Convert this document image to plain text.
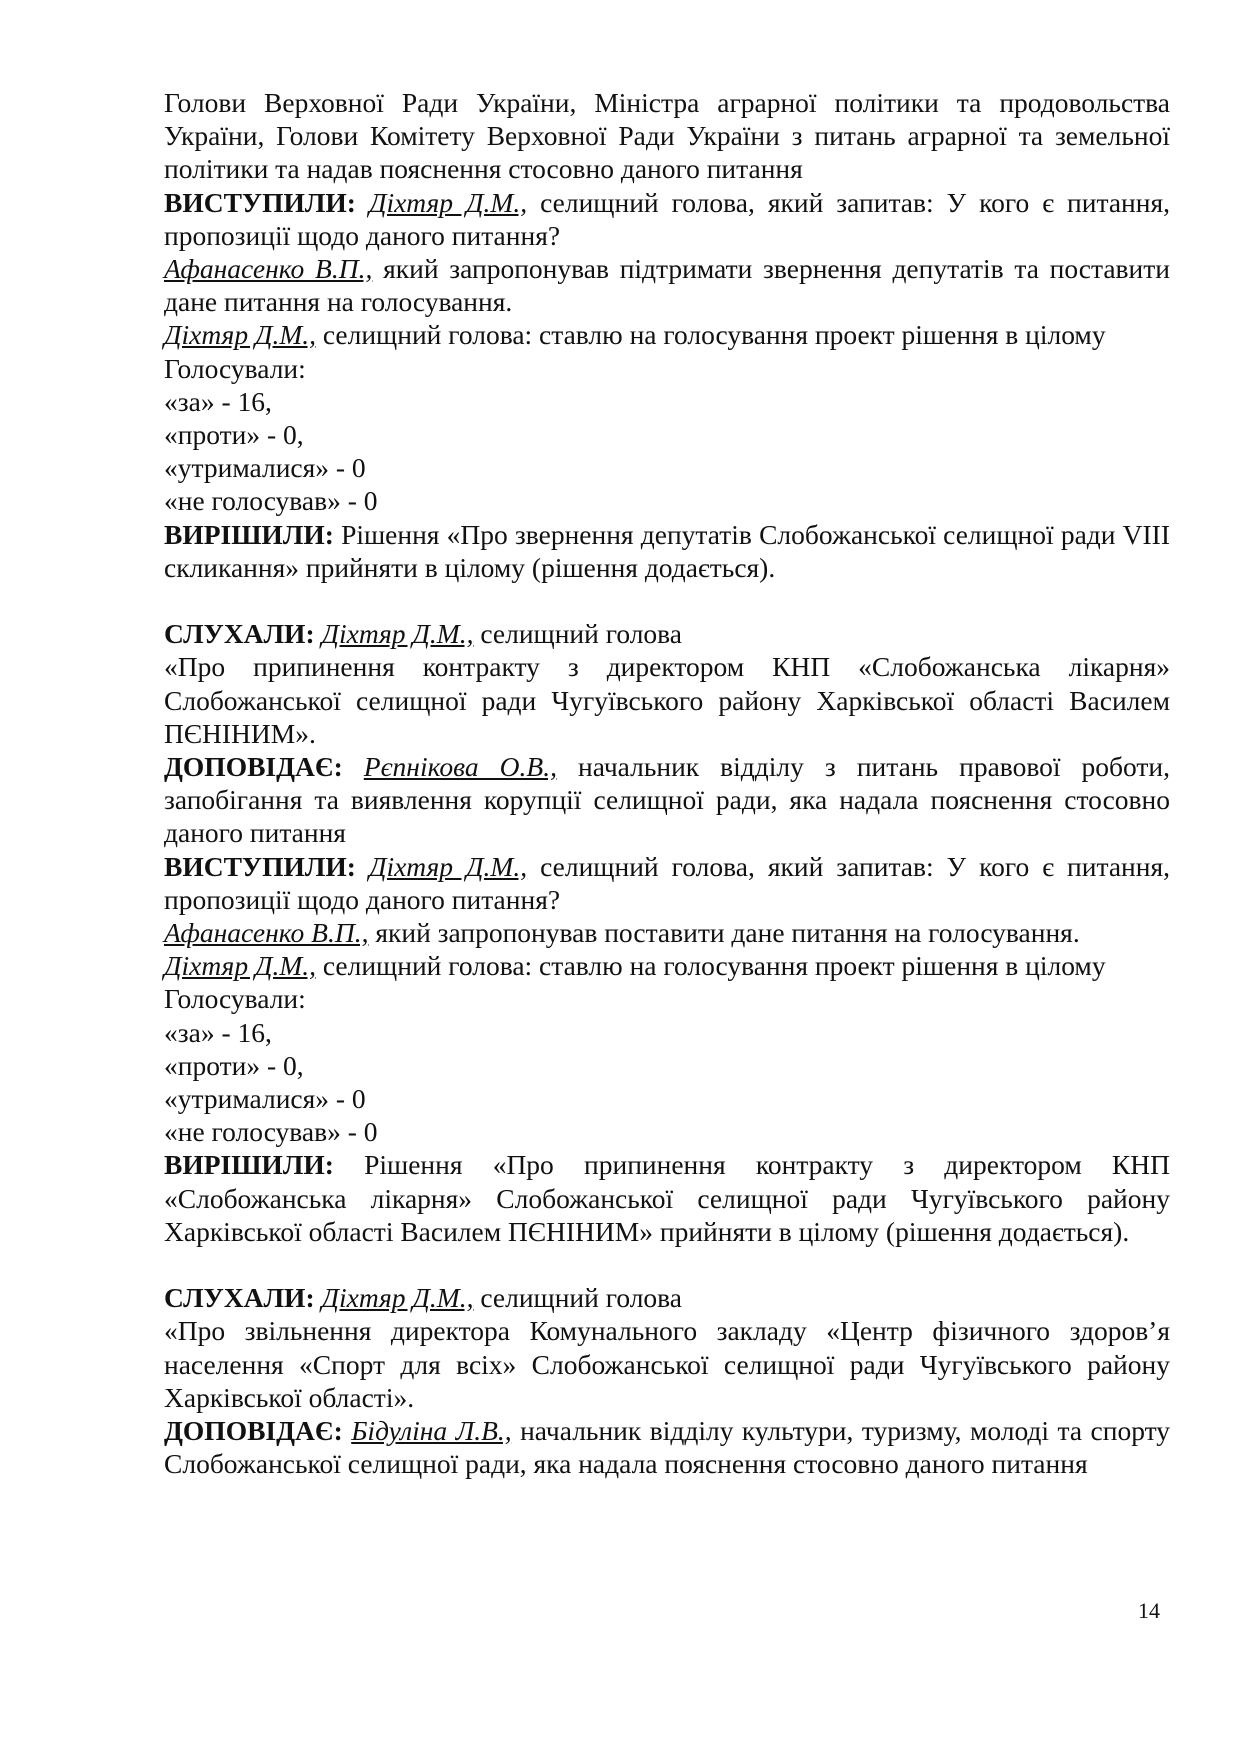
Голови Верховної Ради України, Міністра аграрної політики та продовольства України, Голови Комітету Верховної Ради України з питань аграрної та земельної політики та надав пояснення стосовно даного питання

ВИСТУПИЛИ: Діхтяр Д.М., селищний голова, який запитав: У кого є питання, пропозиції щодо даного питання?

Афанасенко В.П., який запропонував підтримати звернення депутатів та поставити дане питання на голосування.

Діхтяр Д.М., селищний голова: ставлю на голосування проект рішення в цілому

Голосували:

«за» - 16,

«проти» - 0,

«утрималися» - 0

«не голосував» - 0

ВИРІШИЛИ: Рішення «Про звернення депутатів Слобожанської селищної ради VIII скликання» прийняти в цілому (рішення додається).

СЛУХАЛИ: Діхтяр Д.М., селищний голова

«Про припинення контракту з директором КНП «Слобожанська лікарня» Слобожанської селищної ради Чугуївського району Харківської області Василем ПЄНІНИМ».

ДОПОВІДАЄ: Рєпнікова О.В., начальник відділу з питань правової роботи, запобігання та виявлення корупції селищної ради, яка надала пояснення стосовно даного питання

ВИСТУПИЛИ: Діхтяр Д.М., селищний голова, який запитав: У кого є питання, пропозиції щодо даного питання?

Афанасенко В.П., який запропонував поставити дане питання на голосування.

Діхтяр Д.М., селищний голова: ставлю на голосування проект рішення в цілому

Голосували:

«за» - 16,

«проти» - 0,

«утрималися» - 0

«не голосував» - 0

ВИРІШИЛИ: Рішення «Про припинення контракту з директором КНП «Слобожанська лікарня» Слобожанської селищної ради Чугуївського району Харківської області Василем ПЄНІНИМ» прийняти в цілому (рішення додається).

СЛУХАЛИ: Діхтяр Д.М., селищний голова

«Про звільнення директора Комунального закладу «Центр фізичного здоров’я населення «Спорт для всіх» Слобожанської селищної ради Чугуївського району Харківської області».

ДОПОВІДАЄ: Бідуліна Л.В., начальник відділу культури, туризму, молоді та спорту Слобожанської селищної ради, яка надала пояснення стосовно даного питання

14
